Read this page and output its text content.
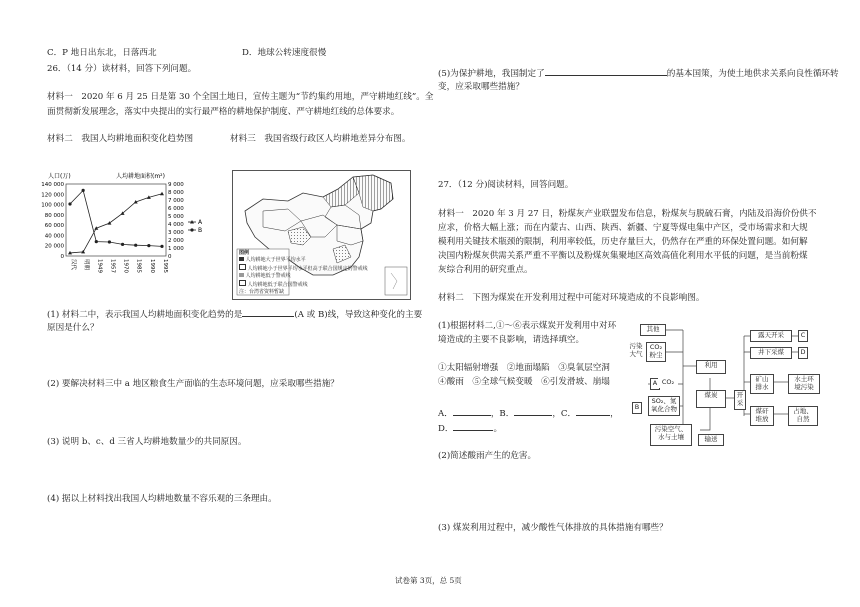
C．P 地日出东北，日落西北	D．地球公转速度很慢
26．（14 分）读材料，回答下列问题。
材料一　2020 年 6 月 25 日是第 30 个全国土地日，宣传主题为“节约集约用地，严守耕地红线”。全
面贯彻新发展理念，落实中央提出的实行最严格的耕地保护制度、严守耕地红线的总体要求。
材料二　我国人均耕地面积变化趋势图	材料三　我国省级行政区人均耕地差异分布图。
人口(万)	人均耕地面积(m²)
140 000
120 000
100 000
80 000
60 000
40 000
20 000
0
9 000
8 000
7 000
6 000
5 000
4 000
3 000
2 000
1 000
0
汉代	明朝	1949 1957 1970 1985 1990 1995
A
B
图例
人均耕地大于世界平均水平
人均耕地小于世界平均水平但高于联合国规定的警戒线
人均耕地低于警戒线
人均耕地低于联合国警戒线
注：台湾省资料暂缺
(1) 材料二中，表示我国人均耕地面积变化趋势的是	(A 或 B)线，导致这种变化的主要
原因是什么？
(2) 要解决材料三中 a 地区粮食生产面临的生态环境问题，应采取哪些措施？
(3) 说明 b、c、d 三省人均耕地数量少的共同原因。
(4) 据以上材料找出我国人均耕地数量不容乐观的三条理由。
(5)为保护耕地，我国制定了	的基本国策，为使土地供求关系向良性循环转
变，应采取哪些措施？
27．（12 分)阅读材料，回答问题。
材料一　2020 年 3 月 27 日，粉煤灰产业联盟发布信息，粉煤灰与脱硫石膏，内陆及沿海价份供不
应求，价格大幅上涨；而在内蒙古、山西、陕西、新疆、宁夏等煤电集中产区，受市场需求和大规
模利用关键技术瓶颈的限制，利用率较低，历史存量巨大，仍然存在严重的环保处置问题。如何解
决国内粉煤灰供需关系严重不平衡以及粉煤灰集聚地区高效高值化利用水平低的问题，是当前粉煤
灰综合利用的研究重点。
材料二　下图为煤炭在开发利用过程中可能对环境造成的不良影响图。
(1)根据材料二,①～⑥表示煤炭开发利用中对环
境造成的主要不良影响，请选择填空。
①太阳辐射增强　②地面塌陷　③臭氧层空洞
④酸雨　⑤全球气候变暖　⑥引发滑坡、崩塌
A．	，B．	，C．	，
D．	。
(2)简述酸雨产生的危害。
(3) 煤炭利用过程中，减少酸性气体排放的具体措施有哪些？
其他
污染
大气
CO₂
粉尘
A CO₂
B
SO₂、氮
氧化合物
利用
煤炭	开
采
露天开采
井下采煤
C
D
矿山
排水
水土环
境污染
煤矸
堆放
占地、
自然
污染空气、
水与土壤	输送
试卷第 3页，总 5页
